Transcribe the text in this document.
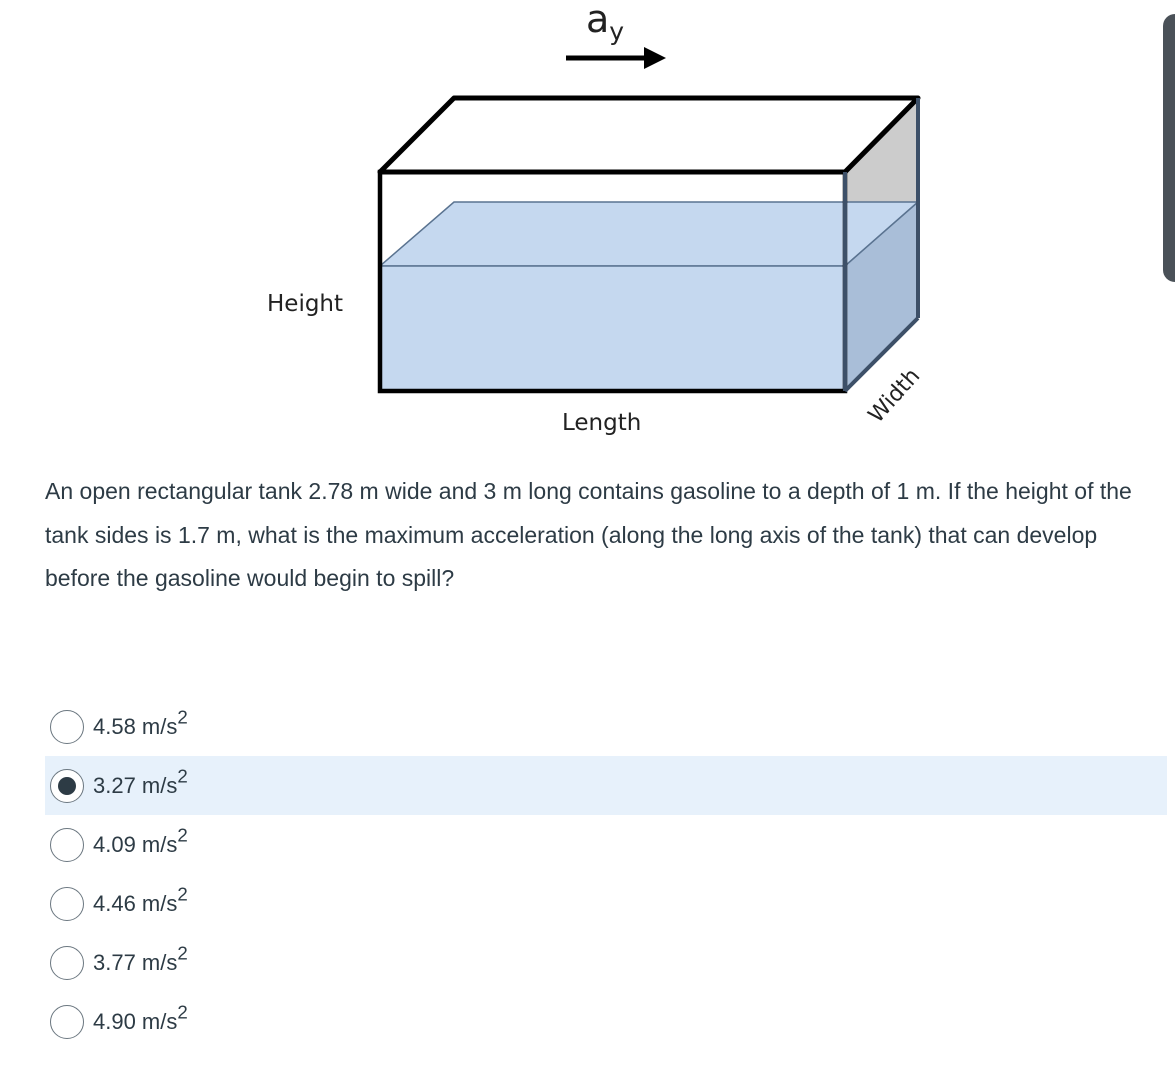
$a_y$
Height
Length	Width
An open rectangular tank 2.78 m wide and 3 m long contains gasoline to a depth of 1 m. If the height of the tank sides is 1.7 m, what is the maximum acceleration (along the long axis of the tank) that can develop before the gasoline would begin to spill?
4.58 $m/s^2$
3.27 $m/s^2$
4.09 $m/s^2$
4.46 $m/s^2$
3.77 $m/s^2$
4.90 $m/s^2$
